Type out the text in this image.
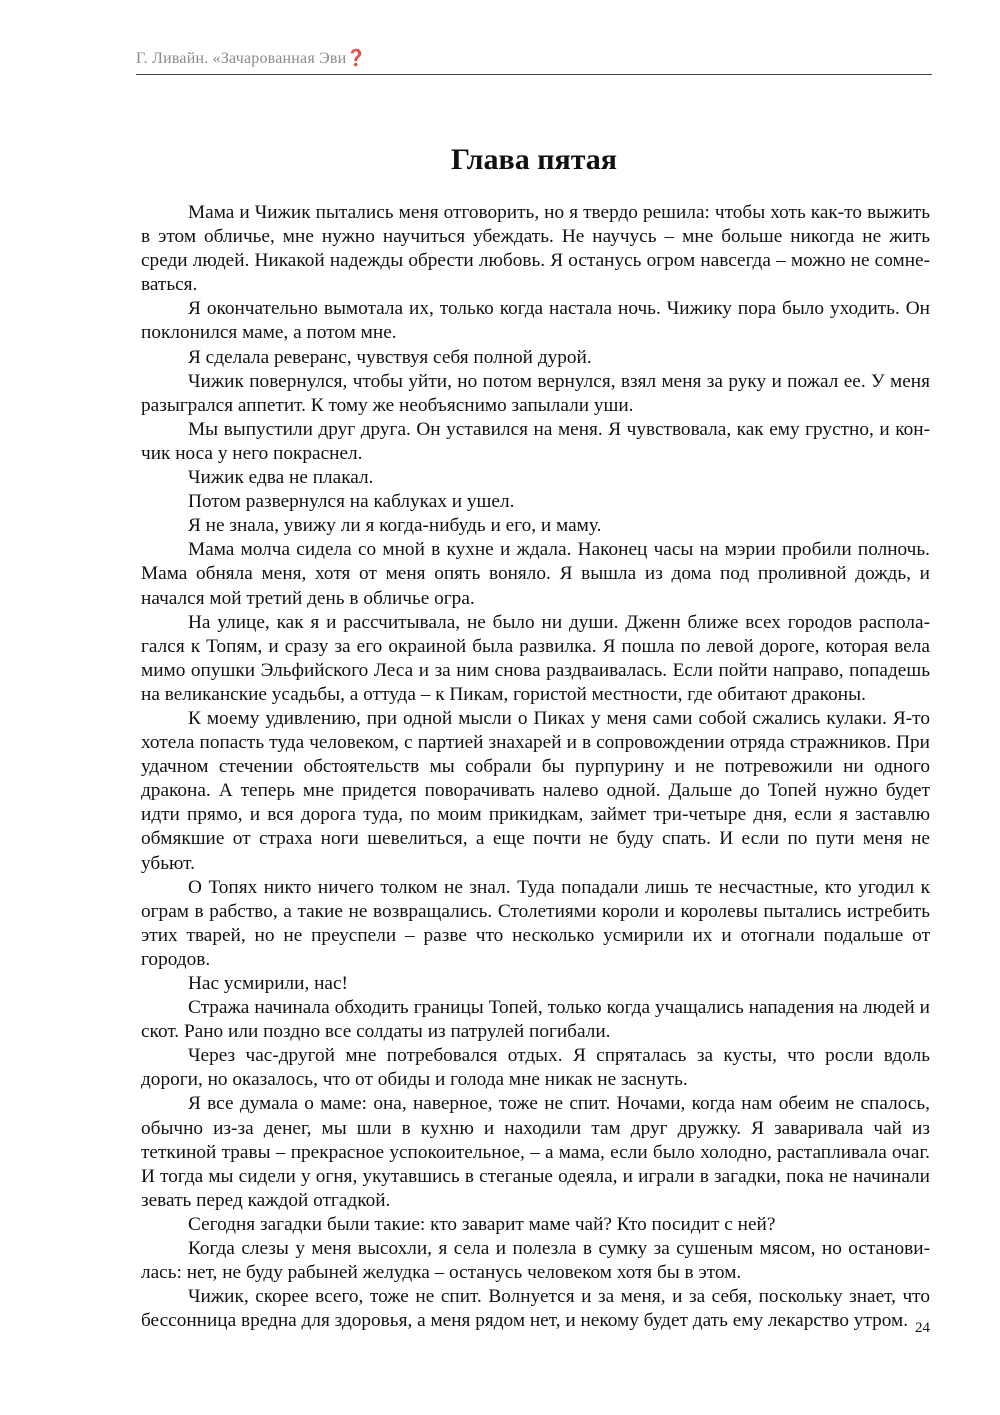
Г. Ливайн. «Зачарованная Эви❓
Глава пятая

Мама и Чижик пытались меня отговорить, но я твердо решила: чтобы хоть как-то выжить в этом обличье, мне нужно научиться убеждать. Не научусь – мне больше никогда не жить среди людей. Никакой надежды обрести любовь. Я останусь огром навсегда – можно не сомневаться.

Я окончательно вымотала их, только когда настала ночь. Чижику пора было уходить. Он поклонился маме, а потом мне.

Я сделала реверанс, чувствуя себя полной дурой.

Чижик повернулся, чтобы уйти, но потом вернулся, взял меня за руку и пожал ее. У меня разыгрался аппетит. К тому же необъяснимо запылали уши.

Мы выпустили друг друга. Он уставился на меня. Я чувствовала, как ему грустно, и кончик носа у него покраснел.

Чижик едва не плакал.

Потом развернулся на каблуках и ушел.

Я не знала, увижу ли я когда-нибудь и его, и маму.

Мама молча сидела со мной в кухне и ждала. Наконец часы на мэрии пробили полночь. Мама обняла меня, хотя от меня опять воняло. Я вышла из дома под проливной дождь, и начался мой третий день в обличье огра.

На улице, как я и рассчитывала, не было ни души. Дженн ближе всех городов располагался к Топям, и сразу за его окраиной была развилка. Я пошла по левой дороге, которая вела мимо опушки Эльфийского Леса и за ним снова раздваивалась. Если пойти направо, попадешь на великанские усадьбы, а оттуда – к Пикам, гористой местности, где обитают драконы.

К моему удивлению, при одной мысли о Пиках у меня сами собой сжались кулаки. Я-то хотела попасть туда человеком, с партией знахарей и в сопровождении отряда стражников. При удачном стечении обстоятельств мы собрали бы пурпурину и не потревожили ни одного дракона. А теперь мне придется поворачивать налево одной. Дальше до Топей нужно будет идти прямо, и вся дорога туда, по моим прикидкам, займет три-четыре дня, если я заставлю обмякшие от страха ноги шевелиться, а еще почти не буду спать. И если по пути меня не убьют.

О Топях никто ничего толком не знал. Туда попадали лишь те несчастные, кто угодил к ограм в рабство, а такие не возвращались. Столетиями короли и королевы пытались истребить этих тварей, но не преуспели – разве что несколько усмирили их и отогнали подальше от городов.

Нас усмирили, нас!

Стража начинала обходить границы Топей, только когда учащались нападения на людей и скот. Рано или поздно все солдаты из патрулей погибали.

Через час-другой мне потребовался отдых. Я спряталась за кусты, что росли вдоль дороги, но оказалось, что от обиды и голода мне никак не заснуть.

Я все думала о маме: она, наверное, тоже не спит. Ночами, когда нам обеим не спалось, обычно из-за денег, мы шли в кухню и находили там друг дружку. Я заваривала чай из теткиной травы – прекрасное успокоительное, – а мама, если было холодно, растапливала очаг. И тогда мы сидели у огня, укутавшись в стеганые одеяла, и играли в загадки, пока не начинали зевать перед каждой отгадкой.

Сегодня загадки были такие: кто заварит маме чай? Кто посидит с ней?

Когда слезы у меня высохли, я села и полезла в сумку за сушеным мясом, но остановилась: нет, не буду рабыней желудка – останусь человеком хотя бы в этом.

Чижик, скорее всего, тоже не спит. Волнуется и за меня, и за себя, поскольку знает, что бессонница вредна для здоровья, а меня рядом нет, и некому будет дать ему лекарство утром. 24
